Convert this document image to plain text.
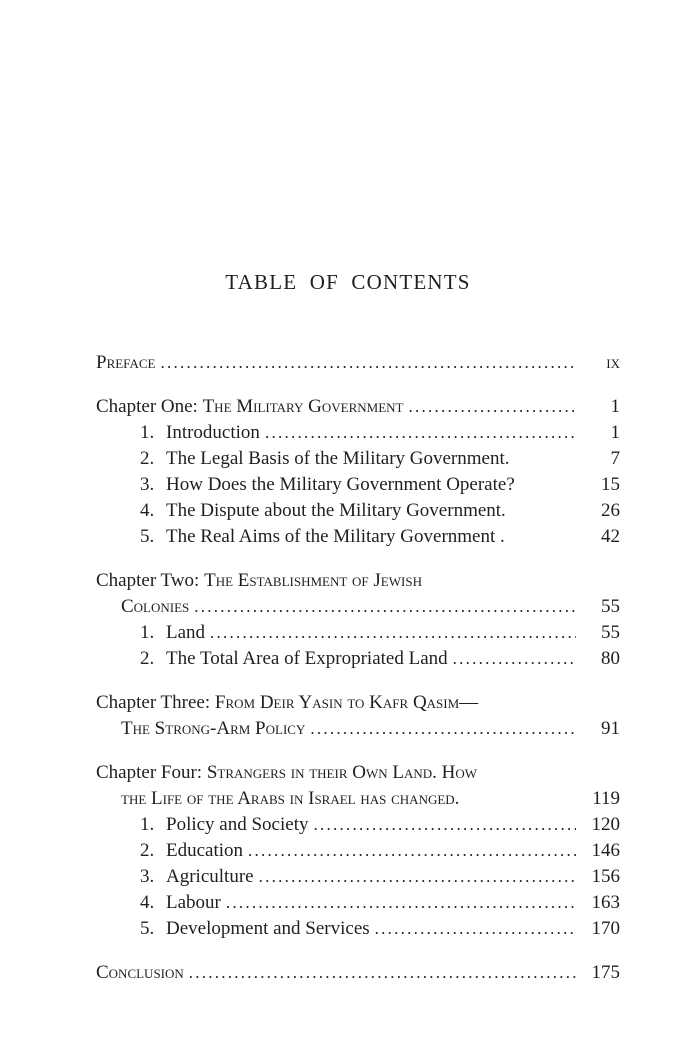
TABLE OF CONTENTS
Preface . . .	ix
Chapter One: The Military Government . . .	1
1. Introduction . . .	1
2. The Legal Basis of the Military Government.	7
3. How Does the Military Government Operate?	15
4. The Dispute about the Military Government.	26
5. The Real Aims of the Military Government .	42
Chapter Two: The Establishment of Jewish
Colonies . . .	55
1. Land . . .	55
2. The Total Area of Expropriated Land . . .	80
Chapter Three: From Deir Yasin to Kafr Qasim—
The Strong-Arm Policy . . .	91
Chapter Four: Strangers in their Own Land. How
the Life of the Arabs in Israel has changed.	119
1. Policy and Society . . .	120
2. Education . . .	146
3. Agriculture . . .	156
4. Labour . . .	163
5. Development and Services . . .	170
Conclusion . . .	175
